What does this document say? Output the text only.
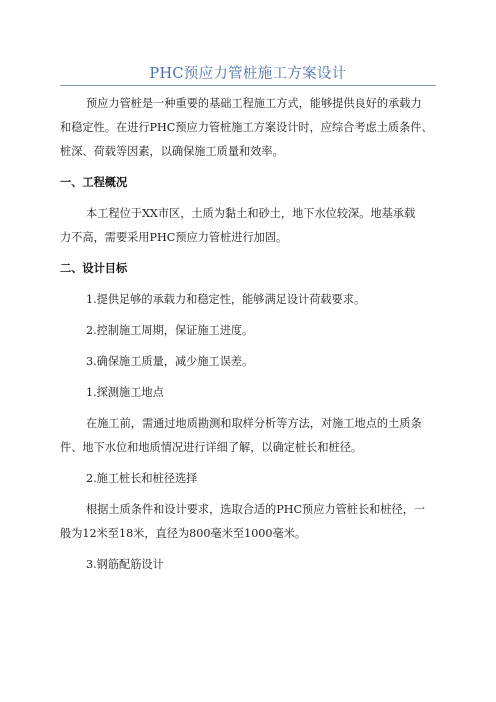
PHC预应力管桩施工方案设计
预应力管桩是一种重要的基础工程施工方式，能够提供良好的承载力
和稳定性。在进行PHC预应力管桩施工方案设计时，应综合考虑土质条件、
桩深、荷载等因素，以确保施工质量和效率。
一、工程概况
本工程位于XX市区，土质为黏土和砂土，地下水位较深。地基承载
力不高，需要采用PHC预应力管桩进行加固。
二、设计目标
1.提供足够的承载力和稳定性，能够满足设计荷载要求。
2.控制施工周期，保证施工进度。
3.确保施工质量，减少施工误差。
1.探测施工地点
在施工前，需通过地质勘测和取样分析等方法，对施工地点的土质条
件、地下水位和地质情况进行详细了解，以确定桩长和桩径。
2.施工桩长和桩径选择
根据土质条件和设计要求，选取合适的PHC预应力管桩长和桩径，一
般为12米至18米，直径为800毫米至1000毫米。
3.钢筋配筋设计
